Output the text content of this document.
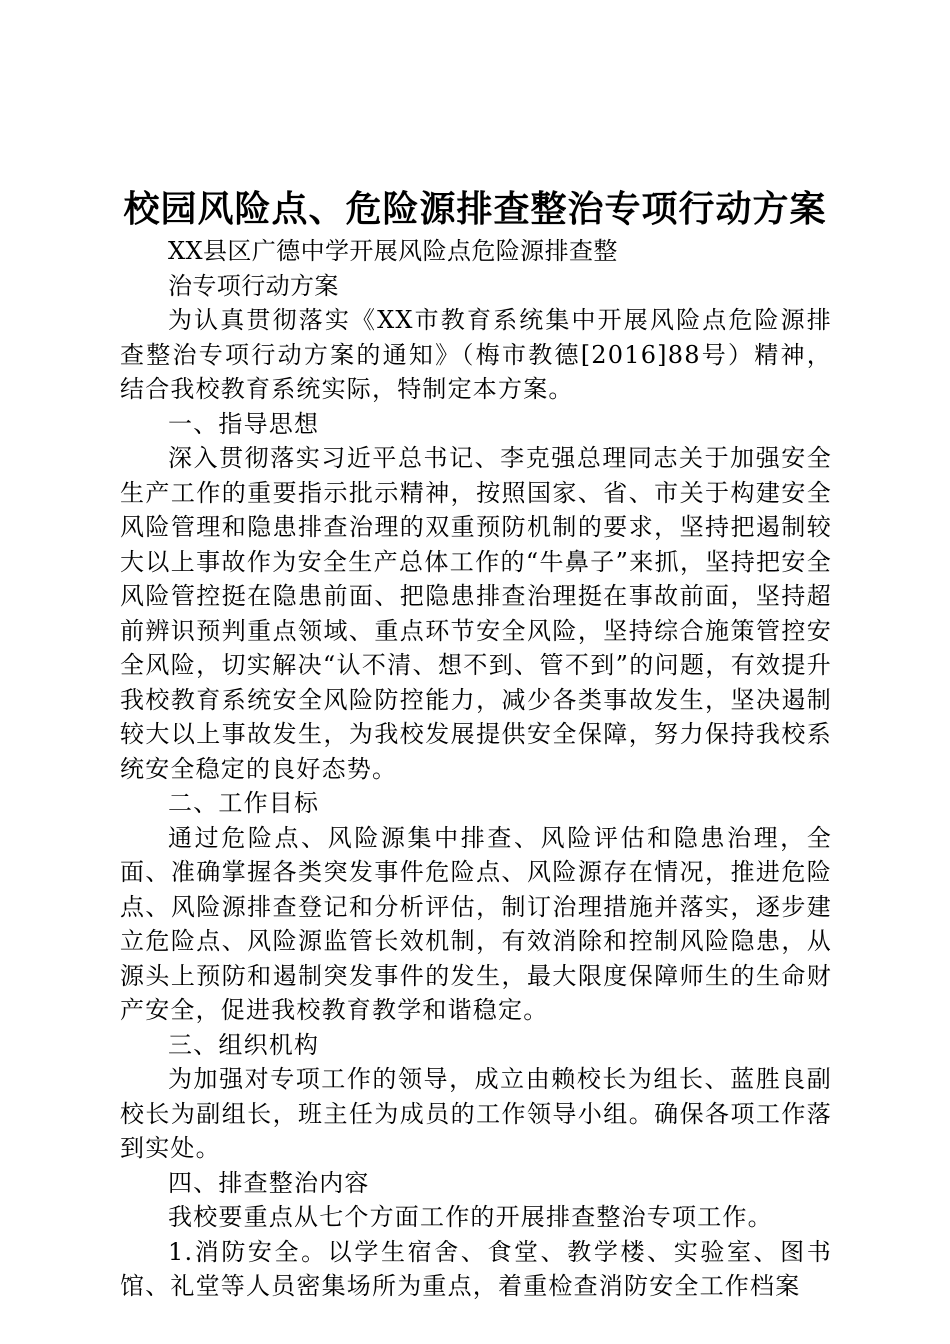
校园风险点、危险源排查整治专项行动方案

XX县区广德中学开展风险点危险源排查整

治专项行动方案

为认真贯彻落实《XX市教育系统集中开展风险点危险源排查整治专项行动方案的通知》（梅市教德[2016]88号）精神，结合我校教育系统实际，特制定本方案。

一、指导思想

深入贯彻落实习近平总书记、李克强总理同志关于加强安全生产工作的重要指示批示精神，按照国家、省、市关于构建安全风险管理和隐患排查治理的双重预防机制的要求，坚持把遏制较大以上事故作为安全生产总体工作的“牛鼻子”来抓，坚持把安全风险管控挺在隐患前面、把隐患排查治理挺在事故前面，坚持超前辨识预判重点领域、重点环节安全风险，坚持综合施策管控安全风险，切实解决“认不清、想不到、管不到”的问题，有效提升我校教育系统安全风险防控能力，减少各类事故发生，坚决遏制较大以上事故发生，为我校发展提供安全保障，努力保持我校系统安全稳定的良好态势。

二、工作目标

通过危险点、风险源集中排查、风险评估和隐患治理，全面、准确掌握各类突发事件危险点、风险源存在情况，推进危险点、风险源排查登记和分析评估，制订治理措施并落实，逐步建立危险点、风险源监管长效机制，有效消除和控制风险隐患，从源头上预防和遏制突发事件的发生，最大限度保障师生的生命财产安全，促进我校教育教学和谐稳定。

三、组织机构

为加强对专项工作的领导，成立由赖校长为组长、蓝胜良副校长为副组长，班主任为成员的工作领导小组。确保各项工作落到实处。

四、排查整治内容

我校要重点从七个方面工作的开展排查整治专项工作。

1.消防安全。以学生宿舍、食堂、教学楼、实验室、图书馆、礼堂等人员密集场所为重点，着重检查消防安全工作档案
